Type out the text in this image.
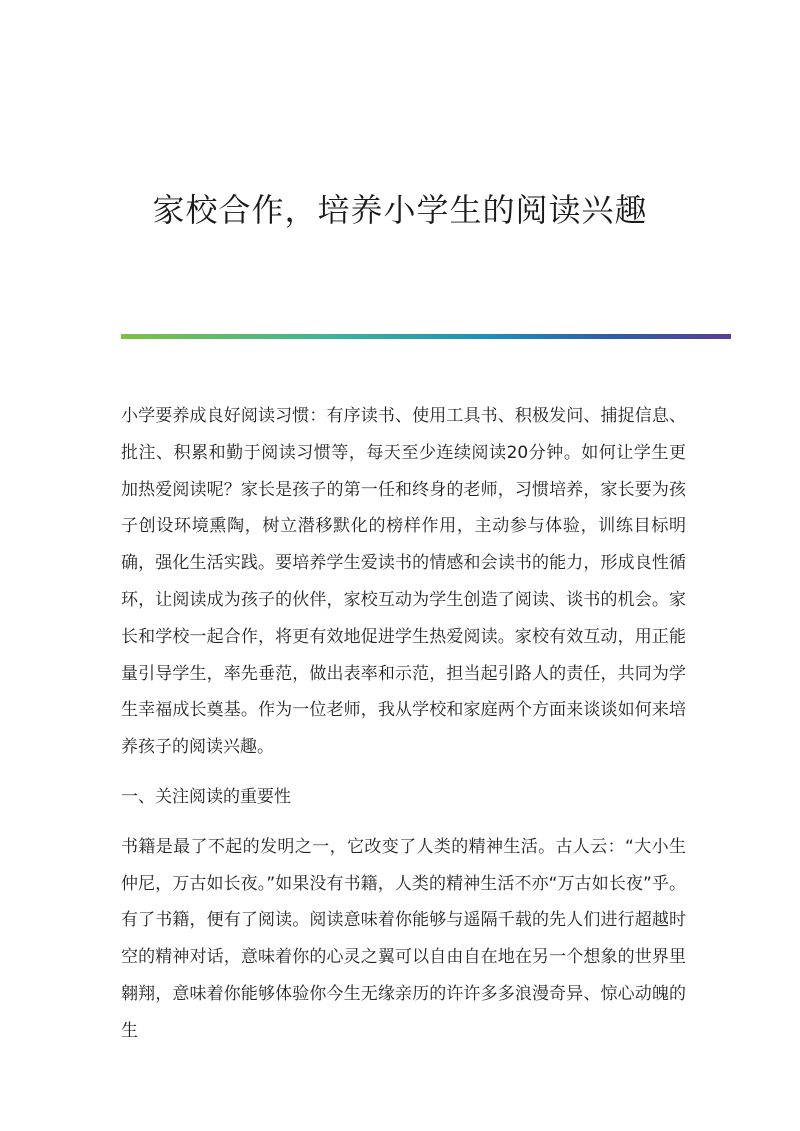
家校合作，培养小学生的阅读兴趣

小学要养成良好阅读习惯：有序读书、使用工具书、积极发问、捕捉信息、批注、积累和勤于阅读习惯等，每天至少连续阅读20分钟。如何让学生更加热爱阅读呢？家长是孩子的第一任和终身的老师，习惯培养，家长要为孩子创设环境熏陶，树立潜移默化的榜样作用，主动参与体验，训练目标明确，强化生活实践。要培养学生爱读书的情感和会读书的能力，形成良性循环，让阅读成为孩子的伙伴，家校互动为学生创造了阅读、谈书的机会。家长和学校一起合作，将更有效地促进学生热爱阅读。家校有效互动，用正能量引导学生，率先垂范，做出表率和示范，担当起引路人的责任，共同为学生幸福成长奠基。作为一位老师，我从学校和家庭两个方面来谈谈如何来培养孩子的阅读兴趣。

一、关注阅读的重要性

书籍是最了不起的发明之一，它改变了人类的精神生活。古人云：“大小生仲尼，万古如长夜。”如果没有书籍，人类的精神生活不亦“万古如长夜”乎。有了书籍，便有了阅读。阅读意味着你能够与遥隔千载的先人们进行超越时空的精神对话，意味着你的心灵之翼可以自由自在地在另一个想象的世界里翱翔，意味着你能够体验你今生无缘亲历的许许多多浪漫奇异、惊心动魄的生
